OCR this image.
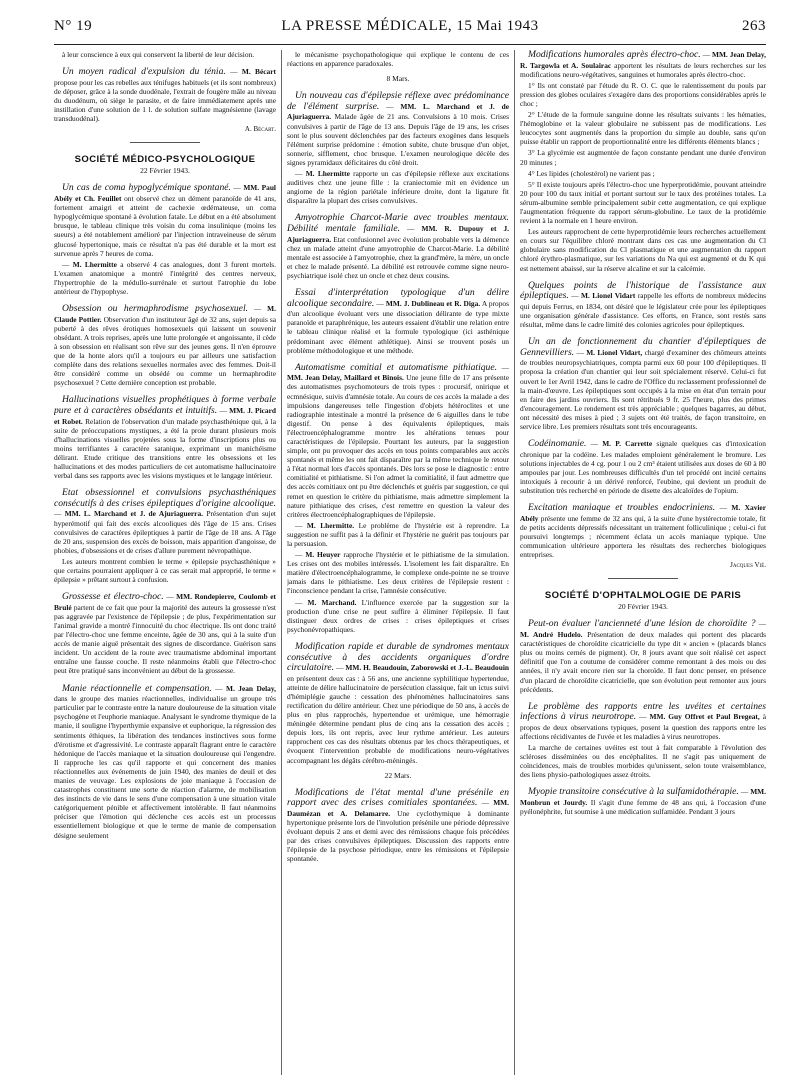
N° 19	LA PRESSE MÉDICALE, 15 Mai 1943	263

à leur conscience à eux qui conservent la liberté de leur décision.

Un moyen radical d'expulsion du ténia. — M. Bécart propose pour les cas rebelles aux ténifuges habituels (et ils sont nombreux) de déposer, grâce à la sonde duodénale, l'extrait de fougère mâle au niveau du duodénum, où siège le parasite, et de faire immédiatement après une instillation d'une solution de 1 l. de solution sulfate magnésienne (lavage transduodénal).

A. Bécart.
SOCIÉTÉ MÉDICO-PSYCHOLOGIQUE
22 Février 1943.

Un cas de coma hypoglycémique spontané. — MM. Paul Abély et Ch. Feuillet ont observé chez un dément paranoïde de 41 ans, fortement amaigri et atteint de cachexie œdémateuse, un coma hypoglycémique spontané à évolution fatale. Le début en a été absolument brusque, le tableau clinique très voisin du coma insulinique (moins les sueurs) a été notablement amélioré par l'injection intraveineuse de sérum glucosé hypertonique, mais ce résultat n'a pas été durable et la mort est survenue après 7 heures de coma.

— M. Lhermitte a observé 4 cas analogues, dont 3 furent mortels. L'examen anatomique a montré l'intégrité des centres nerveux, l'hypertrophie de la médullo-surrénale et surtout l'atrophie du lobe antérieur de l'hypophyse.

Obsession ou hermaphrodisme psychosexuel. — M. Claude Pottier. Observation d'un instituteur âgé de 32 ans, sujet depuis sa puberté à des rêves érotiques homosexuels qui laissent un souvenir obsédant. A trois reprises, après une lutte prolongée et angoissante, il cède à son obsession en réalisant son rêve sur des jeunes gens. Il n'en éprouve que de la honte alors qu'il a toujours eu par ailleurs une satisfaction complète dans des relations sexuelles normales avec des femmes. Doit-il être considéré comme un obsédé ou comme un hermaphrodite psychosexuel ? Cette dernière conception est probable.

Hallucinations visuelles prophétiques à forme verbale pure et à caractères obsédants et intuitifs. — MM. J. Picard et Robet. Relation de l'observation d'un malade psychasthénique qui, à la suite de préoccupations mystiques, a été la proie durant plusieurs mois d'hallucinations visuelles projetées sous la forme d'inscriptions plus ou moins terrifiantes à caractère satanique, exprimant un manichéisme délirant. Etude critique des transitions entre les obsessions et les hallucinations et des modes particuliers de cet automatisme hallucinatoire verbal dans ses rapports avec les visions mystiques et le langage intérieur.

Etat obsessionnel et convulsions psychasthéniques consécutifs à des crises épileptiques d'origine alcoolique. — MM. L. Marchand et J. de Ajuriaguerra. Présentation d'un sujet hyperémotif qui fait des excès alcooliques dès l'âge de 15 ans. Crises convulsives de caractères épileptiques à partir de l'âge de 18 ans. A l'âge de 20 ans, suspension des excès de boisson, mais apparition d'angoisse, de phobies, d'obsessions et de crises d'allure purement névropathique.

Les auteurs montrent combien le terme « épilepsie psychasthénique » que certains pourraient appliquer à ce cas serait mal approprié, le terme « épilepsie » prêtant surtout à confusion.

Grossesse et électro-choc. — MM. Rondepierre, Coulomb et Brulé partent de ce fait que pour la majorité des auteurs la grossesse n'est pas aggravée par l'existence de l'épilepsie ; de plus, l'expérimentation sur l'animal gravide a montré l'innocuité du choc électrique. Ils ont donc traité par l'électro-choc une femme enceinte, âgée de 30 ans, qui à la suite d'un accès de manie aiguë présentait des signes de discordance. Guérison sans incident. Un accident de la route avec traumatisme abdominal important entraîne une fausse couche. Il reste néanmoins établi que l'électro-choc peut être pratiqué sans inconvénient au début de la grossesse.

Manie réactionnelle et compensation. — M. Jean Delay, dans le groupe des manies réactionnelles, individualise un groupe très particulier par le contraste entre la nature douloureuse de la situation vitale psychogène et l'euphorie maniaque. Analysant le syndrome thymique de la manie, il souligne l'hyperthymie expansive et euphorique, la régression des sentiments éthiques, la libération des tendances instinctives sous forme d'érotisme et d'agressivité. Le contraste apparaît flagrant entre le caractère hédonique de l'accès maniaque et la situation douloureuse qui l'engendre. Il rapproche les cas qu'il rapporte et qui concernent des manies réactionnelles aux événements de juin 1940, des manies de deuil et des manies de veuvage. Les explosions de joie maniaque à l'occasion de catastrophes constituent une sorte de réaction d'alarme, de mobilisation des instincts de vie dans le sens d'une compensation à une situation vitale catégoriquement pénible et affectivement intolérable. Il faut néanmoins préciser que l'émotion qui déclenche ces accès est un processus essentiellement biologique et que le terme de manie de compensation désigne seulement

le mécanisme psychopathologique qui explique le contenu de ces réactions en apparence paradoxales.

8 Mars.

Un nouveau cas d'épilepsie réflexe avec prédominance de l'élément surprise. — MM. L. Marchand et J. de Ajuriaguerra. Malade âgée de 21 ans. Convulsions à 10 mois. Crises convulsives à partir de l'âge de 13 ans. Depuis l'âge de 19 ans, les crises sont le plus souvent déclenchées par des facteurs exogènes dans lesquels l'élément surprise prédomine : émotion subite, chute brusque d'un objet, sonnerie, sifflement, choc brusque. L'examen neurologique décèle des signes pyramidaux déficitaires du côté droit.

— M. Lhermitte rapporte un cas d'épilepsie réflexe aux excitations auditives chez une jeune fille : la craniectomie mit en évidence un angiome de la région pariétale inférieure droite, dont la ligature fit disparaître la plupart des crises convulsives.

Amyotrophie Charcot-Marie avec troubles mentaux. Débilité mentale familiale. — MM. R. Dupouy et J. Ajuriaguerra. Etat confusionnel avec évolution probable vers la démence chez un malade atteint d'une amyotrophie de Charcot-Marie. La débilité mentale est associée à l'amyotrophie, chez la grand'mère, la mère, un oncle et chez le malade présenté. La débilité est retrouvée comme signe neuro-psychiatrique isolé chez un oncle et chez deux cousins.

Essai d'interprétation typologique d'un délire alcoolique secondaire. — MM. J. Dublineau et R. Diga. A propos d'un alcoolique évoluant vers une dissociation délirante de type mixte paranoïde et paraphrénique, les auteurs essaient d'établir une relation entre le tableau clinique réalisé et la formule typologique (ici asthénique prédominant avec élément athlétique). Ainsi se trouvent posés un problème méthodologique et une méthode.

Automatisme comitial et automatisme pithiatique. — MM. Jean Delay, Maillard et Binois. Une jeune fille de 17 ans présente des automatismes psychomoteurs de trois types : procursif, onirique et ecmnésique, suivis d'amnésie totale. Au cours de ces accès la malade a des impulsions dangereuses telle l'ingestion d'objets hétéroclites et une radiographie intestinale a montré la présence de 6 aiguilles dans le tube digestif. On pense à des équivalents épileptiques, mais l'électroencéphalogramme montre les altérations tenues pour caractéristiques de l'épilepsie. Pourtant les auteurs, par la suggestion simple, ont pu provoquer des accès en tous points comparables aux accès spontanés et même les ont fait disparaître par la même technique le retour à l'état normal lors d'accès spontanés. Dès lors se pose le diagnostic : entre comitialité et pithiatisme. Si l'on admet la comitialité, il faut admettre que des accès comitiaux ont pu être déclenchés et guéris par suggestion, ce qui remet en question le critère du pithiatisme, mais admettre simplement la nature pithiatique des crises, c'est remettre en question la valeur des critères électroencéphalographiques de l'épilepsie.

— M. Lhermitte. Le problème de l'hystérie est à reprendre. La suggestion ne suffit pas à la définir et l'hystérie ne guérit pas toujours par la persuasion.

— M. Heuyer rapproche l'hystérie et le pithiatisme de la simulation. Les crises ont des mobiles intéressés. L'isolement les fait disparaître. En matière d'électroencéphalogramme, le complexe onde-pointe ne se trouve jamais dans le pithiatisme. Les deux critères de l'épilepsie restent : l'inconscience pendant la crise, l'amnésie consécutive.

— M. Marchand. L'influence exercée par la suggestion sur la production d'une crise ne peut suffire à éliminer l'épilepsie. Il faut distinguer deux ordres de crises : crises épileptiques et crises psychonévropathiques.

Modification rapide et durable de syndromes mentaux consécutive à des accidents organiques d'ordre circulatoire. — MM. H. Beaudouin, Zaborowski et J.-L. Beaudouin en présentent deux cas : à 56 ans, une ancienne syphilitique hypertendue, atteinte de délire hallucinatoire de persécution classique, fait un ictus suivi d'hémiplégie gauche : cessation des phénomènes hallucinatoires sans rectification du délire antérieur. Chez une périodique de 50 ans, à accès de plus en plus rapprochés, hypertendue et urémique, une hémorragie méningée détermine pendant plus de cinq ans la cessation des accès ; depuis lors, ils ont repris, avec leur rythme antérieur. Les auteurs rapprochent ces cas des résultats obtenus par les chocs thérapeutiques, et évoquent l'intervention probable de modifications neuro-végétatives accompagnant les dégâts cérébro-méningés.

22 Mars.

Modifications de l'état mental d'une présénile en rapport avec des crises comitiales spontanées. — MM. Daumézan et A. Delamarre. Une cyclothymique à dominante hypertonique présente lors de l'involution présénile une période dépressive évoluant depuis 2 ans et demi avec des rémissions chaque fois précédées par des crises convulsives épileptiques. Discussion des rapports entre l'épilepsie de la psychose périodique, entre les rémissions et l'épilepsie spontanée.

Modifications humorales après électro-choc. — MM. Jean Delay, R. Targowla et A. Soulairac apportent les résultats de leurs recherches sur les modifications neuro-végétatives, sanguines et humorales après électro-choc.

1° Ils ont constaté par l'étude du R. O. C. que le ralentissement du pouls par pression des globes oculaires s'exagère dans des proportions considérables après le choc ;

2° L'étude de la formule sanguine donne les résultats suivants : les hématies, l'hémoglobine et la valeur globulaire ne subissent pas de modifications. Les leucocytes sont augmentés dans la proportion du simple au double, sans qu'on puisse établir un rapport de proportionnalité entre les différents éléments blancs ;

3° La glycémie est augmentée de façon constante pendant une durée d'environ 20 minutes ;

4° Les lipides (cholestérol) ne varient pas ;

5° Il existe toujours après l'électro-choc une hyperprotidémie, pouvant atteindre 20 pour 100 du taux initial et portant surtout sur le taux des protéines totales. La sérum-albumine semble principalement subir cette augmentation, ce qui explique l'augmentation fréquente du rapport sérum-globuline. Le taux de la protidémie revient à la normale en 1 heure environ.

Les auteurs rapprochent de cette hyperprotidémie leurs recherches actuellement en cours sur l'équilibre chloré montrant dans ces cas une augmentation du Cl globulaire sans modification du Cl plasmatique et une augmentation du rapport chloré érythro-plasmatique, sur les variations du Na qui est augmenté et du K qui est nettement abaissé, sur la réserve alcaline et sur la calcémie.

Quelques points de l'historique de l'assistance aux épileptiques. — M. Lionel Vidart rappelle les efforts de nombreux médecins qui depuis Ferrus, en 1834, ont désiré que le législateur crée pour les épileptiques une organisation générale d'assistance. Ces efforts, en France, sont restés sans résultat, même dans le cadre limité des colonies agricoles pour épileptiques.

Un an de fonctionnement du chantier d'épileptiques de Gennevilliers. — M. Lionel Vidart, chargé d'examiner des chômeurs atteints de troubles neuropsychiatriques, compta parmi eux 60 pour 100 d'épileptiques. Il proposa la création d'un chantier qui leur soit spécialement réservé. Celui-ci fut ouvert le 1er Avril 1942, dans le cadre de l'Office du reclassement professionnel de la main-d'œuvre. Les épileptiques sont occupés à la mise en état d'un terrain pour en faire des jardins ouvriers. Ils sont rétribués 9 fr. 25 l'heure, plus des primes d'encouragement. Le rendement est très appréciable ; quelques bagarres, au début, ont nécessité des mises à pied ; 3 sujets ont été traités, de façon transitoire, en service libre. Les premiers résultats sont très encourageants.

Codéinomanie. — M. P. Carrette signale quelques cas d'intoxication chronique par la codéine. Les malades emploient généralement le bromure. Les solutions injectables de 4 cg. pour 1 ou 2 cm³ étaient utilisées aux doses de 60 à 80 ampoules par jour. Les nombreuses difficultés d'un tel procédé ont incité certains intoxiqués à recourir à un dérivé renforcé, l'eubine, qui devient un produit de substitution très recherché en période de disette des alcaloïdes de l'opium.

Excitation maniaque et troubles endocriniens. — M. Xavier Abély présente une femme de 32 ans qui, à la suite d'une hystérectomie totale, fit de petits accidents dépressifs nécessitant un traitement folliculinique ; celui-ci fut poursuivi longtemps ; récemment éclata un accès maniaque typique. Une communication ultérieure apportera les résultats des recherches biologiques entreprises.

Jacques Vié.
SOCIÉTÉ D'OPHTALMOLOGIE DE PARIS
20 Février 1943.

Peut-on évaluer l'ancienneté d'une lésion de choroïdite ? — M. André Hudelo. Présentation de deux malades qui portent des placards caractéristiques de choroïdite cicatricielle du type dit « ancien » (placards blancs plus ou moins cernés de pigment). Or, 8 jours avant que soit réalisé cet aspect définitif que l'on a coutume de considérer comme remontant à des mois ou des années, il n'y avait encore rien sur la choroïde. Il faut donc penser, en présence d'un placard de choroïdite cicatricielle, que son évolution peut remonter aux jours précédents.

Le problème des rapports entre les uvéites et certaines infections à virus neurotrope. — MM. Guy Offret et Paul Bregeat, à propos de deux observations typiques, posent la question des rapports entre les affections récidivantes de l'uvée et les maladies à virus neurotropes.

La marche de certaines uvéites est tout à fait comparable à l'évolution des scléroses disséminées ou des encéphalites. Il ne s'agit pas uniquement de coïncidences, mais de troubles morbides qu'unissent, selon toute vraisemblance, des liens physio-pathologiques assez étroits.

Myopie transitoire consécutive à la sulfamidothérapie. — MM. Monbrun et Jourdy. Il s'agit d'une femme de 48 ans qui, à l'occasion d'une pyélonéphrite, fut soumise à une médication sulfamidée. Pendant 3 jours
